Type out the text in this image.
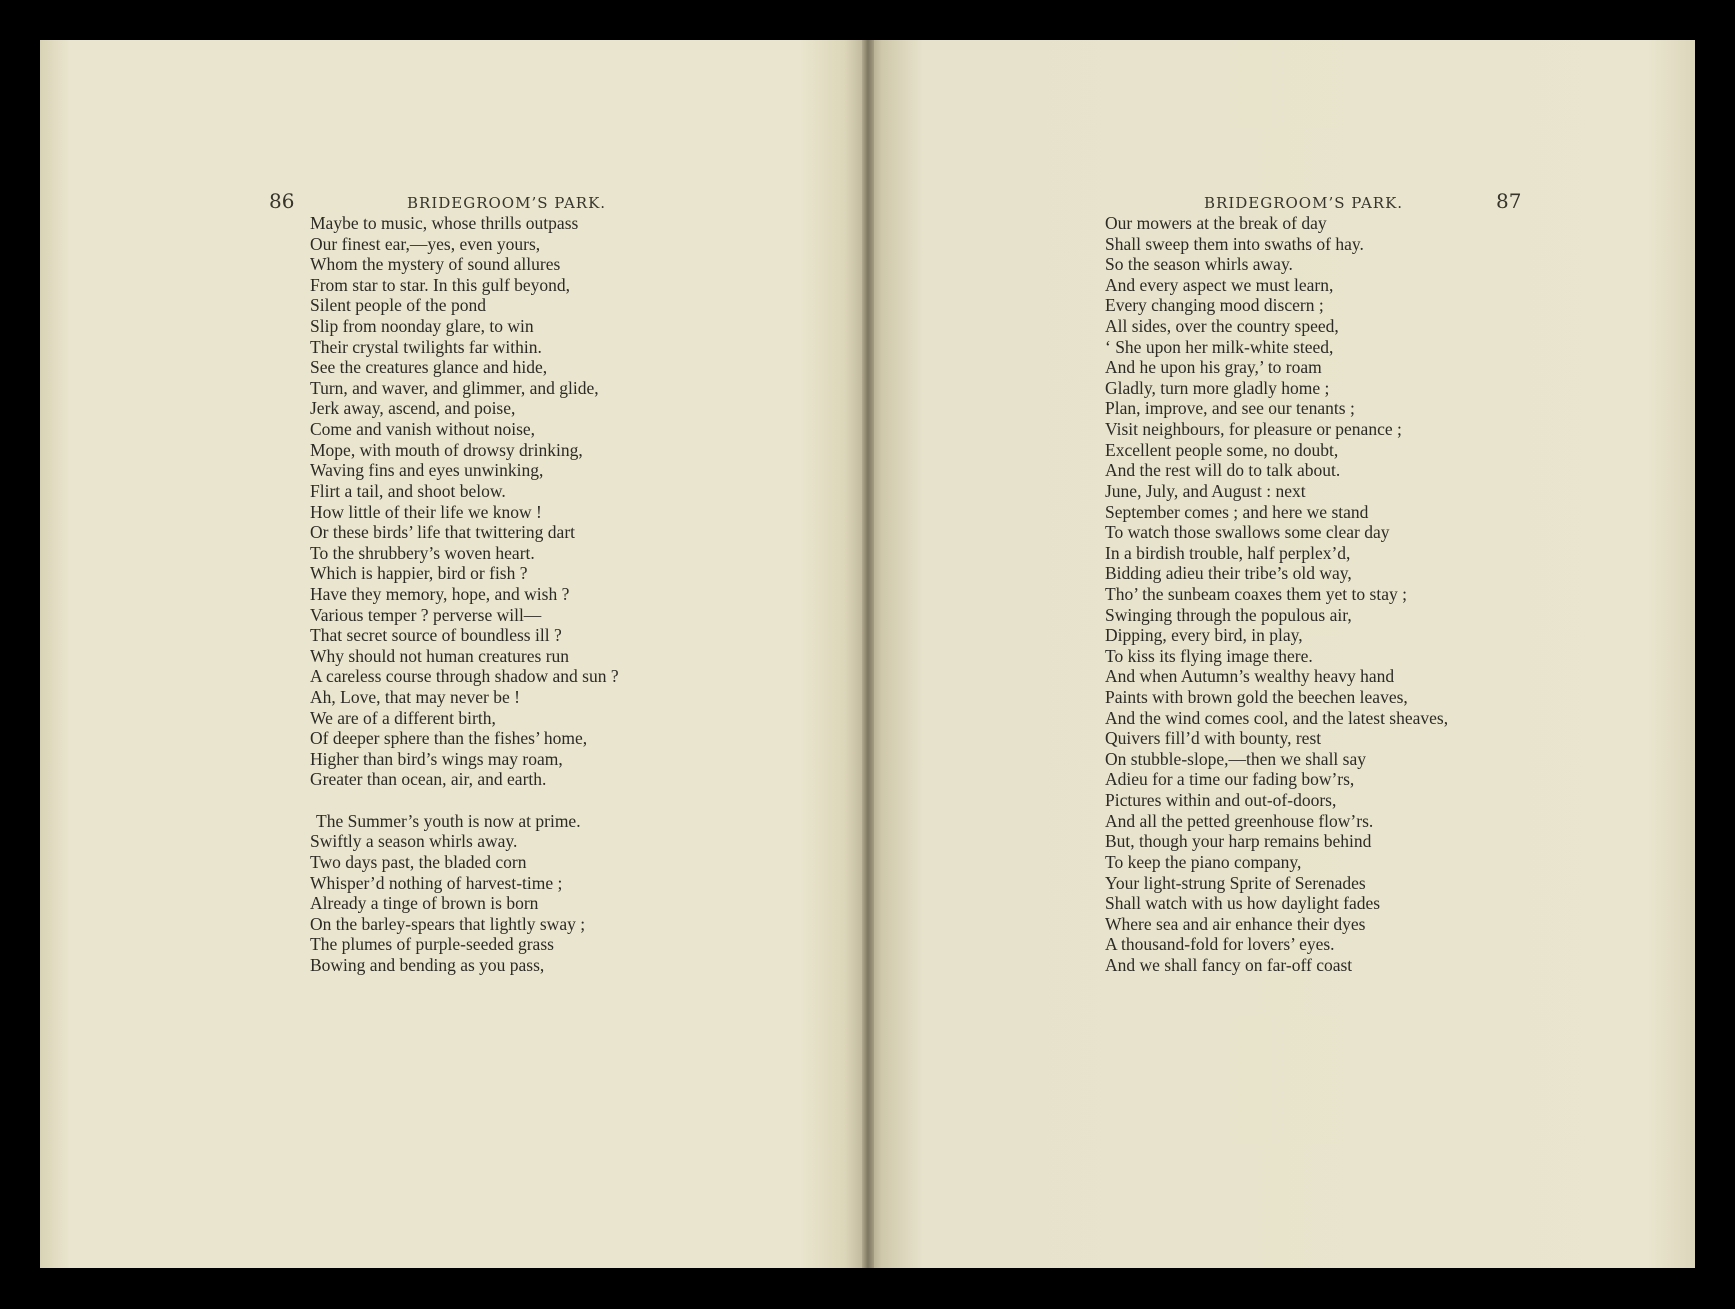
86	BRIDEGROOM’S PARK.
Maybe to music, whose thrills outpass
Our finest ear,—yes, even yours,
Whom the mystery of sound allures
From star to star. In this gulf beyond,
Silent people of the pond
Slip from noonday glare, to win
Their crystal twilights far within.
See the creatures glance and hide,
Turn, and waver, and glimmer, and glide,
Jerk away, ascend, and poise,
Come and vanish without noise,
Mope, with mouth of drowsy drinking,
Waving fins and eyes unwinking,
Flirt a tail, and shoot below.
How little of their life we know !
Or these birds’ life that twittering dart
To the shrubbery’s woven heart.
Which is happier, bird or fish ?
Have they memory, hope, and wish ?
Various temper ? perverse will—
That secret source of boundless ill ?
Why should not human creatures run
A careless course through shadow and sun ?
Ah, Love, that may never be !
We are of a different birth,
Of deeper sphere than the fishes’ home,
Higher than bird’s wings may roam,
Greater than ocean, air, and earth.
The Summer’s youth is now at prime.
Swiftly a season whirls away.
Two days past, the bladed corn
Whisper’d nothing of harvest-time ;
Already a tinge of brown is born
On the barley-spears that lightly sway ;
The plumes of purple-seeded grass
Bowing and bending as you pass,
BRIDEGROOM’S PARK.	87
Our mowers at the break of day
Shall sweep them into swaths of hay.
So the season whirls away.
And every aspect we must learn,
Every changing mood discern ;
All sides, over the country speed,
‘ She upon her milk-white steed,
And he upon his gray,’ to roam
Gladly, turn more gladly home ;
Plan, improve, and see our tenants ;
Visit neighbours, for pleasure or penance ;
Excellent people some, no doubt,
And the rest will do to talk about.
June, July, and August : next
September comes ; and here we stand
To watch those swallows some clear day
In a birdish trouble, half perplex’d,
Bidding adieu their tribe’s old way,
Tho’ the sunbeam coaxes them yet to stay ;
Swinging through the populous air,
Dipping, every bird, in play,
To kiss its flying image there.
And when Autumn’s wealthy heavy hand
Paints with brown gold the beechen leaves,
And the wind comes cool, and the latest sheaves,
Quivers fill’d with bounty, rest
On stubble-slope,—then we shall say
Adieu for a time our fading bow’rs,
Pictures within and out-of-doors,
And all the petted greenhouse flow’rs.
But, though your harp remains behind
To keep the piano company,
Your light-strung Sprite of Serenades
Shall watch with us how daylight fades
Where sea and air enhance their dyes
A thousand-fold for lovers’ eyes.
And we shall fancy on far-off coast
